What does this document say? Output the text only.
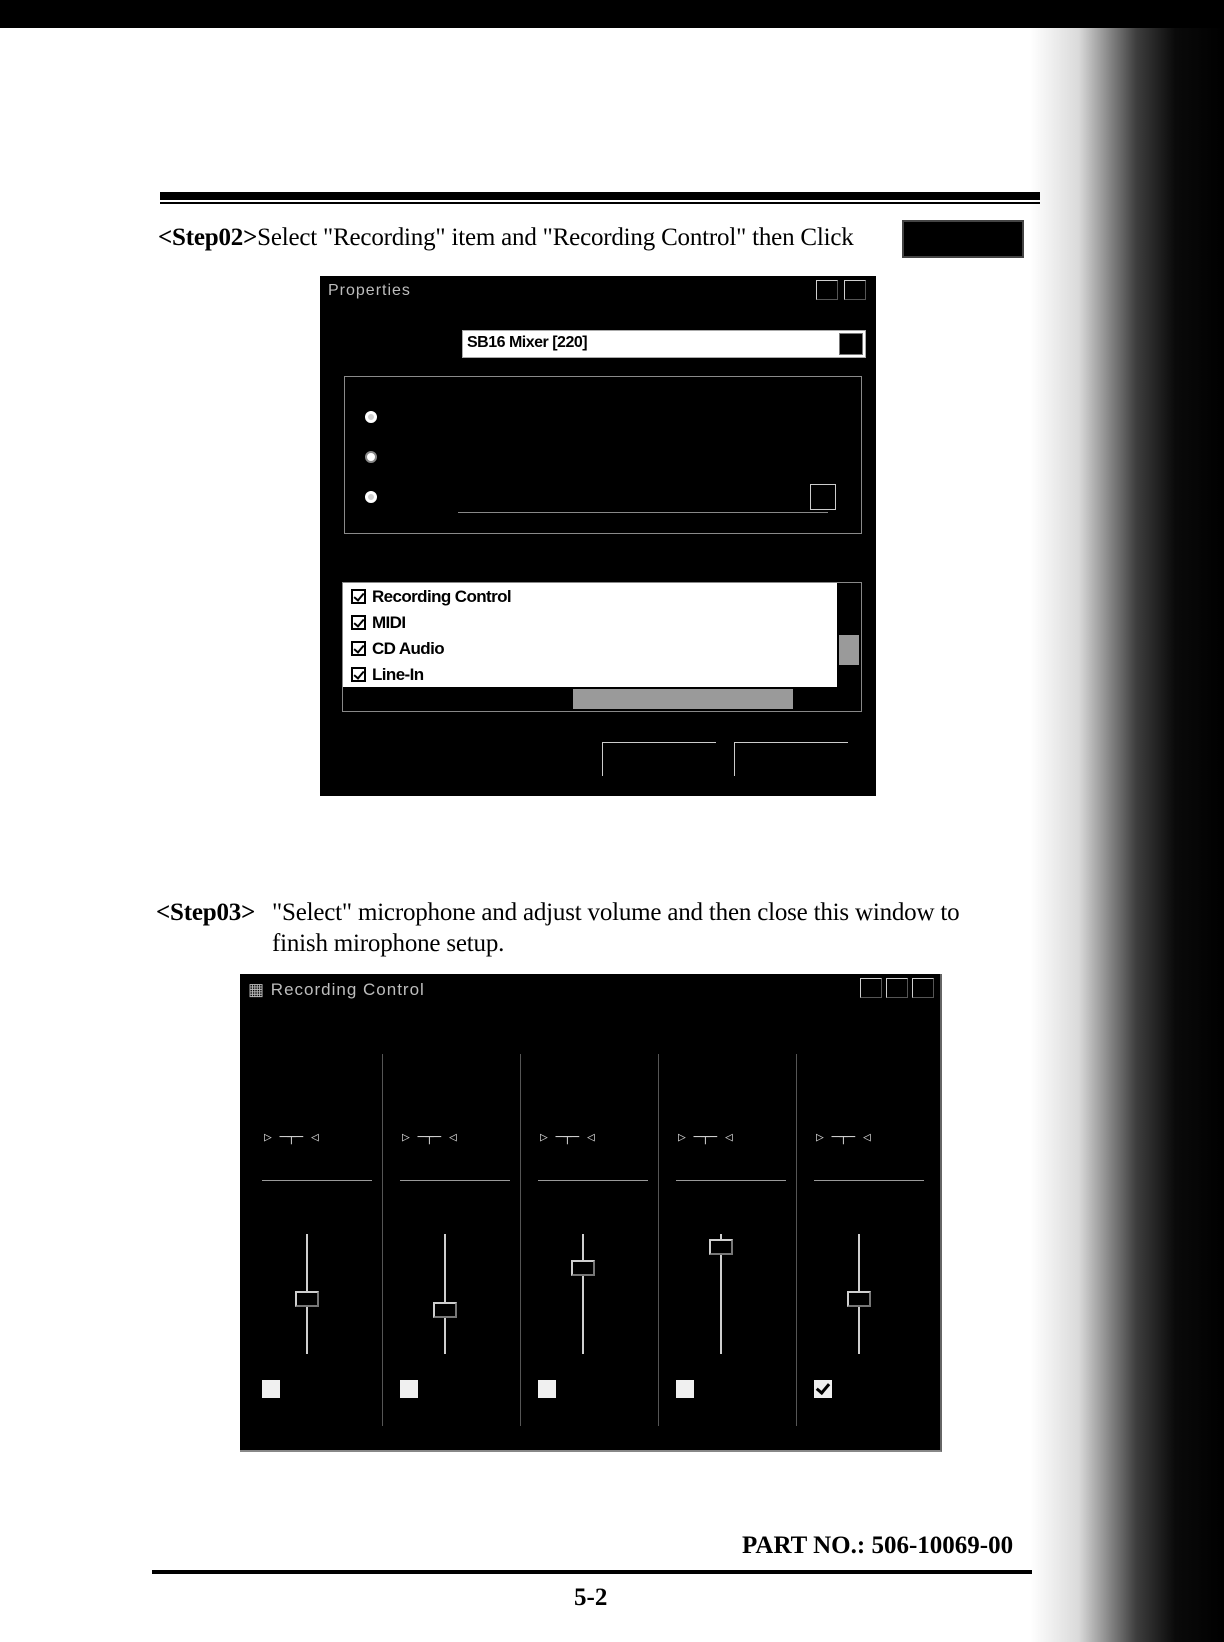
<Step02>Select "Recording" item and "Recording Control" then Click
Properties
SB16 Mixer [220]
Recording Control
MIDI
CD Audio
Line-In
<Step03> "Select" microphone and adjust volume and then close this window to
finish mirophone setup.
▦ Recording Control
▷ ─┬─ ◁	▷ ─┬─ ◁	▷ ─┬─ ◁	▷ ─┬─ ◁	▷ ─┬─ ◁
PART NO.: 506-10069-00
5-2
